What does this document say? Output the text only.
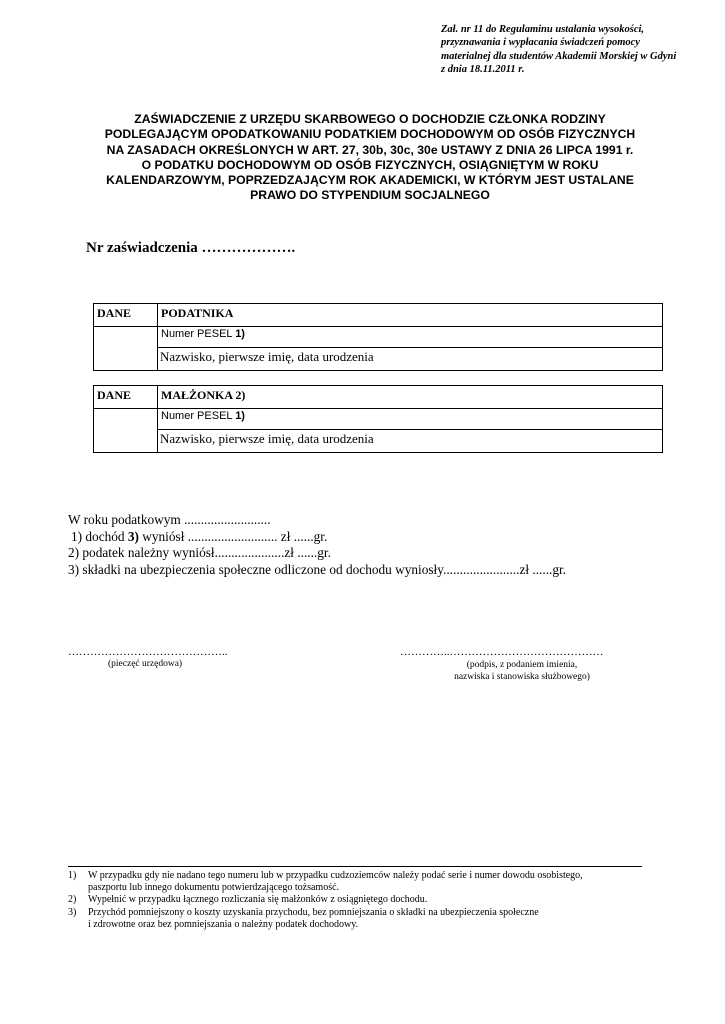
Zał. nr 11 do Regulaminu ustalania wysokości,
przyznawania i wypłacania świadczeń pomocy
materialnej dla studentów Akademii Morskiej w Gdyni
z dnia 18.11.2011 r.
ZAŚWIADCZENIE Z URZĘDU SKARBOWEGO O DOCHODZIE CZŁONKA RODZINY
PODLEGAJĄCYM OPODATKOWANIU PODATKIEM DOCHODOWYM OD OSÓB FIZYCZNYCH
NA ZASADACH OKREŚLONYCH W ART. 27, 30b, 30c, 30e USTAWY Z DNIA 26 LIPCA 1991 r.
O PODATKU DOCHODOWYM OD OSÓB FIZYCZNYCH, OSIĄGNIĘTYM W ROKU
KALENDARZOWYM, POPRZEDZAJĄCYM ROK AKADEMICKI, W KTÓRYM JEST USTALANE
PRAWO DO STYPENDIUM SOCJALNEGO
Nr zaświadczenia ……………….
DANE	PODATNIKA
	Numer PESEL 1)
	Nazwisko, pierwsze imię, data urodzenia
DANE	MAŁŻONKA 2)
	Numer PESEL 1)
	Nazwisko, pierwsze imię, data urodzenia
W roku podatkowym ..........................
1) dochód 3) wyniósł ........................... zł ......gr.
2) podatek należny wyniósł.....................zł ......gr.
3) składki na ubezpieczenia społeczne odliczone od dochodu wyniosły.......................zł ......gr.
……………………………………..
(pieczęć urzędowa)
…………..……………………………………
(podpis, z podaniem imienia,
nazwiska i stanowiska służbowego)
1)	W przypadku gdy nie nadano tego numeru lub w przypadku cudzoziemców należy podać serie i numer dowodu osobistego,
paszportu lub innego dokumentu potwierdzającego tożsamość.
2)	Wypełnić w przypadku łącznego rozliczania się małżonków z osiągniętego dochodu.
3)	Przychód pomniejszony o koszty uzyskania przychodu, bez pomniejszania o składki na ubezpieczenia społeczne
i zdrowotne oraz bez pomniejszania o należny podatek dochodowy.
